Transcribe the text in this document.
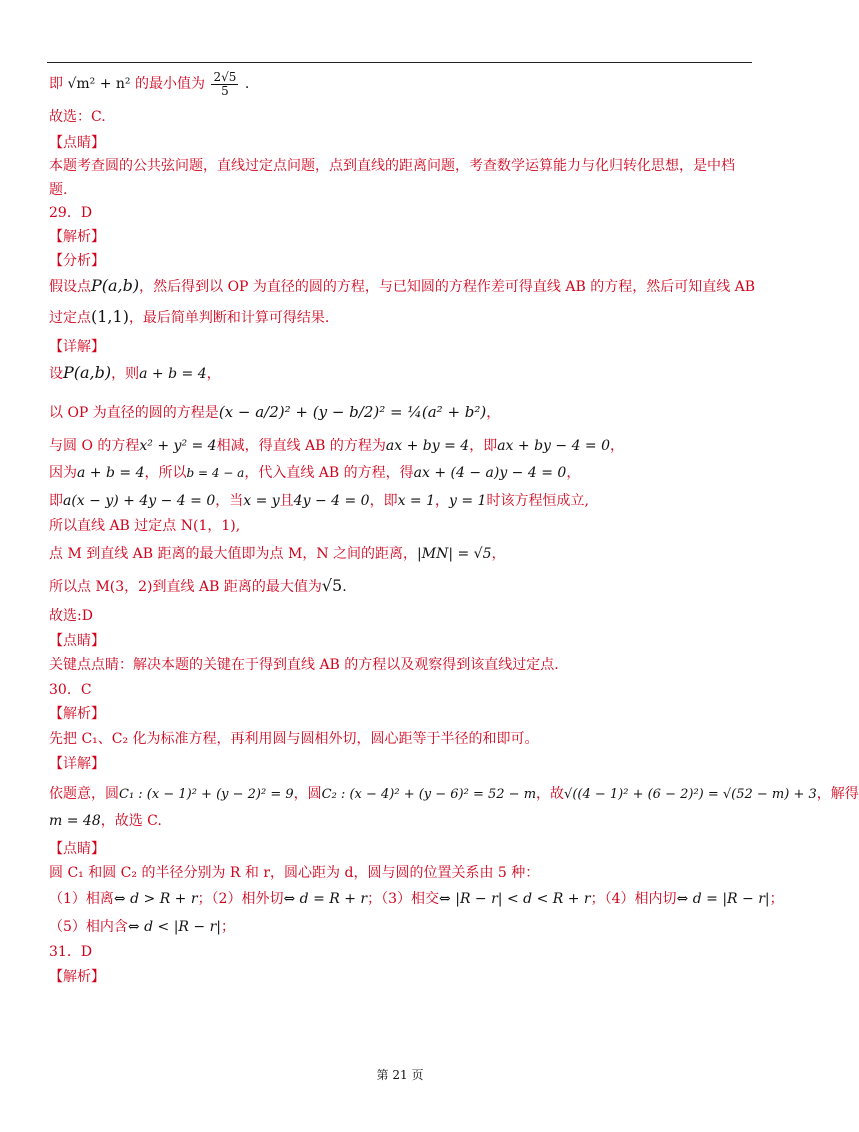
即 √m² + n² 的最小值为 $\frac{2√5}{5}$ .
故选：C.
【点睛】
本题考查圆的公共弦问题，直线过定点问题，点到直线的距离问题，考查数学运算能力与化归转化思想，是中档
题.
29．D
【解析】
【分析】
假设点P(a,b)，然后得到以 OP 为直径的圆的方程，与已知圆的方程作差可得直线 AB 的方程，然后可知直线 AB
过定点(1,1)，最后简单判断和计算可得结果.
【详解】
设P(a,b)，则a + b = 4，
以 OP 为直径的圆的方程是(x − a/2)² + (y − b/2)² = ¼(a² + b²)，
与圆 O 的方程x² + y² = 4相减，得直线 AB 的方程为ax + by = 4，即ax + by − 4 = 0，
因为a + b = 4，所以b = 4 − a，代入直线 AB 的方程，得ax + (4 − a)y − 4 = 0，
即a(x − y) + 4y − 4 = 0，当x = y且4y − 4 = 0，即x = 1，y = 1时该方程恒成立,
所以直线 AB 过定点 N(1，1),
点 M 到直线 AB 距离的最大值即为点 M，N 之间的距离，|MN| = √5，
所以点 M(3，2)到直线 AB 距离的最大值为√5.
故选:D
【点睛】
关键点点睛：解决本题的关键在于得到直线 AB 的方程以及观察得到该直线过定点.
30．C
【解析】
先把 C₁、C₂ 化为标准方程，再利用圆与圆相外切，圆心距等于半径的和即可。
【详解】
依题意，圆C₁ : (x − 1)² + (y − 2)² = 9，圆C₂ : (x − 4)² + (y − 6)² = 52 − m，故√((4 − 1)² + (6 − 2)²) = √(52 − m) + 3，解得
m = 48，故选 C.
【点睛】
圆 C₁ 和圆 C₂ 的半径分别为 R 和 r，圆心距为 d，圆与圆的位置关系由 5 种：
（1）相离⇔ d > R + r；（2）相外切⇔ d = R + r；（3）相交⇔ |R − r| < d < R + r；（4）相内切⇔ d = |R − r|；
（5）相内含⇔ d < |R − r|；
31．D
【解析】
第 21 页
